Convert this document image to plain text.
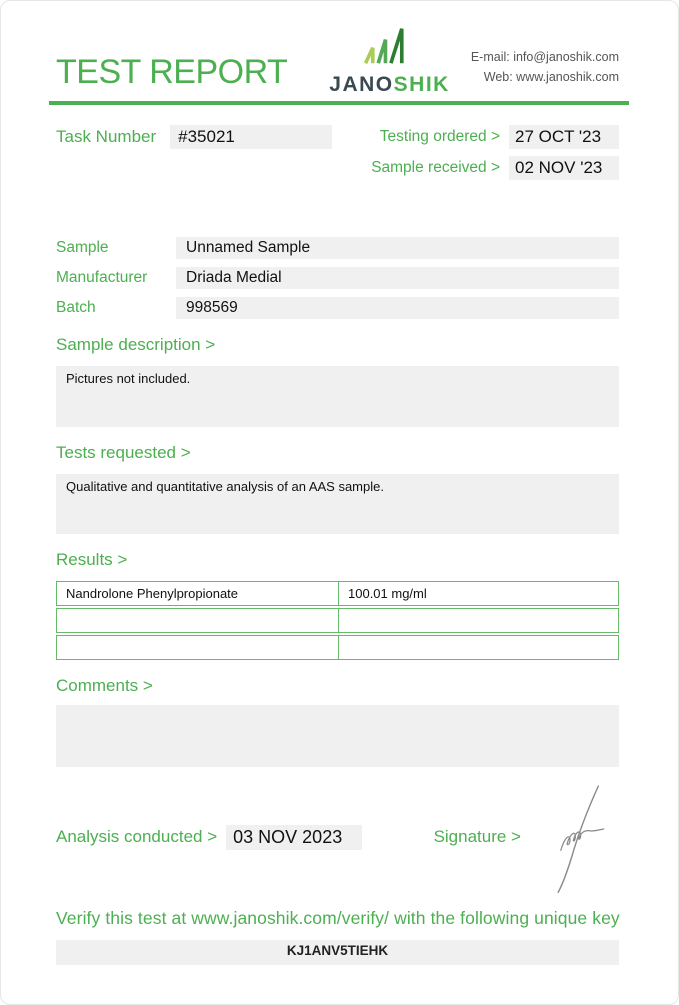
TEST REPORT JANOSHIK
E-mail: info@janoshik.com
Web: www.janoshik.com
Task Number	#35021	Testing ordered > 27 OCT '23
Sample received > 02 NOV '23
Sample	Unnamed Sample
Manufacturer	Driada Medial
Batch	998569
Sample description >
Pictures not included.
Tests requested >
Qualitative and quantitative analysis of an AAS sample.
Results >
Nandrolone Phenylpropionate	100.01 mg/ml
Comments >
Analysis conducted > 03 NOV 2023	Signature >
Verify this test at www.janoshik.com/verify/ with the following unique key
KJ1ANV5TIEHK
